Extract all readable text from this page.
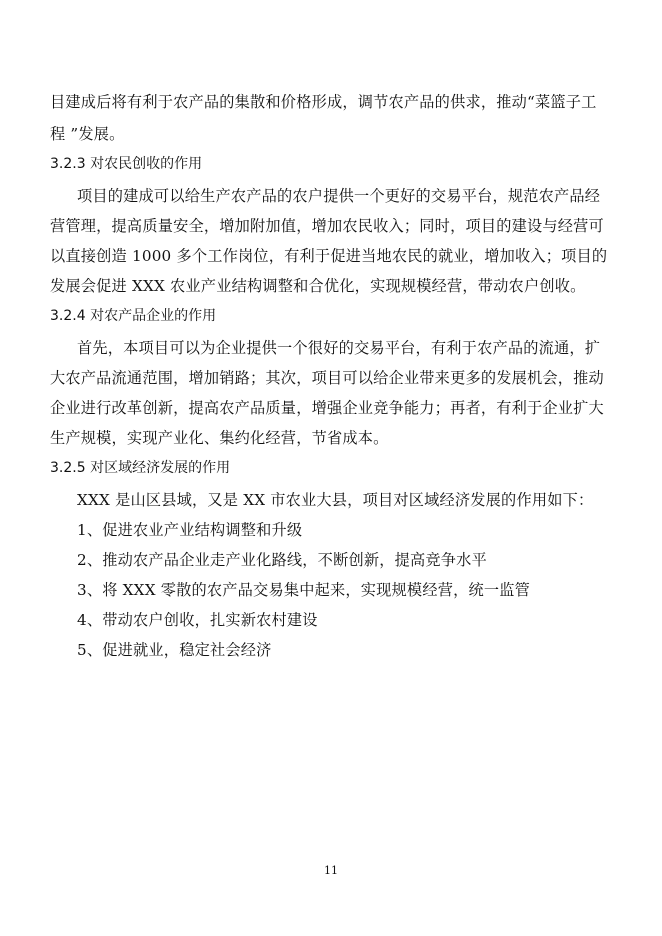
目建成后将有利于农产品的集散和价格形成，调节农产品的供求，推动“菜篮子工
程 ”发展。
3.2.3 对农民创收的作用
项目的建成可以给生产农产品的农户提供一个更好的交易平台，规范农产品经
营管理，提高质量安全，增加附加值，增加农民收入；同时，项目的建设与经营可
以直接创造 1000 多个工作岗位，有利于促进当地农民的就业，增加收入；项目的
发展会促进 XXX 农业产业结构调整和合优化，实现规模经营，带动农户创收。
3.2.4 对农产品企业的作用
首先，本项目可以为企业提供一个很好的交易平台，有利于农产品的流通，扩
大农产品流通范围，增加销路；其次，项目可以给企业带来更多的发展机会，推动
企业进行改革创新，提高农产品质量，增强企业竞争能力；再者，有利于企业扩大
生产规模，实现产业化、集约化经营，节省成本。
3.2.5 对区域经济发展的作用
XXX 是山区县域，又是 XX 市农业大县，项目对区域经济发展的作用如下：
1、促进农业产业结构调整和升级
2、推动农产品企业走产业化路线，不断创新，提高竞争水平
3、将 XXX 零散的农产品交易集中起来，实现规模经营，统一监管
4、带动农户创收，扎实新农村建设
5、促进就业，稳定社会经济
11
